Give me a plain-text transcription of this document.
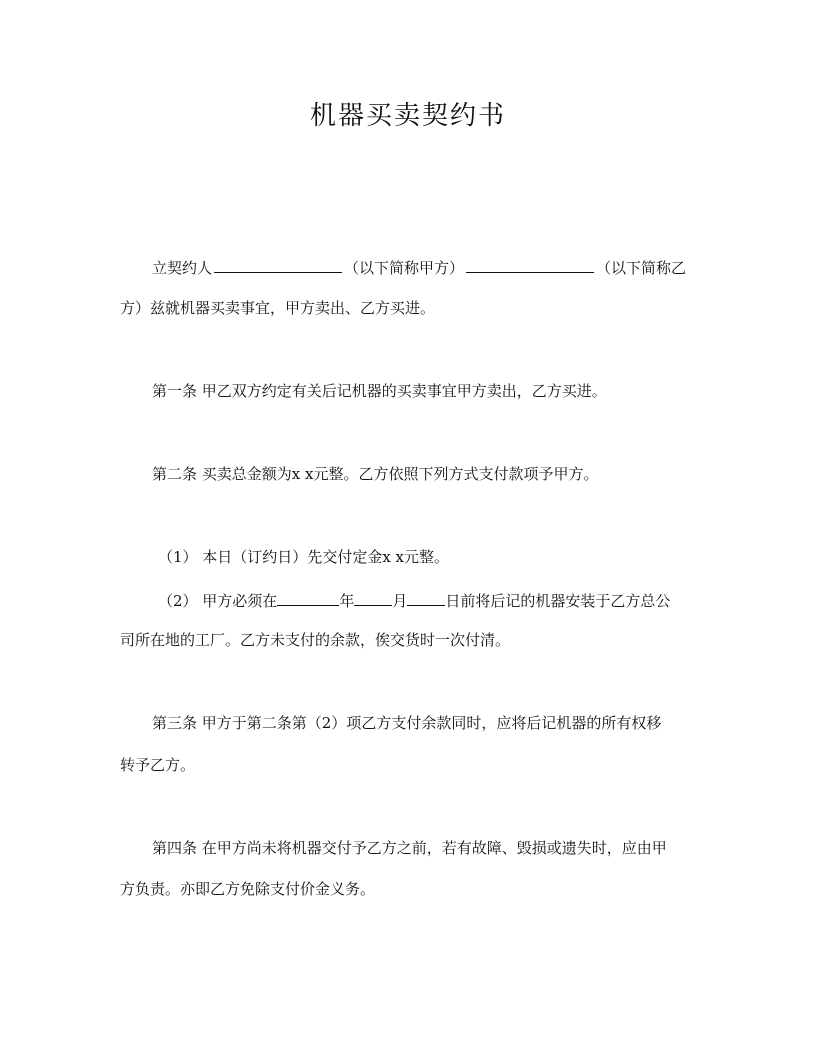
机器买卖契约书
立契约人	（以下简称甲方）	（以下简称乙
方）兹就机器买卖事宜，甲方卖出、乙方买进。
第一条 甲乙双方约定有关后记机器的买卖事宜甲方卖出，乙方买进。
第二条 买卖总金额为x x元整。乙方依照下列方式支付款项予甲方。
（1） 本日（订约日）先交付定金x x元整。
（2） 甲方必须在	年	月	日前将后记的机器安装于乙方总公
司所在地的工厂。乙方未支付的余款，俟交货时一次付清。
第三条 甲方于第二条第（2）项乙方支付余款同时，应将后记机器的所有权移
转予乙方。
第四条 在甲方尚未将机器交付予乙方之前，若有故障、毁损或遗失时，应由甲
方负责。亦即乙方免除支付价金义务。
